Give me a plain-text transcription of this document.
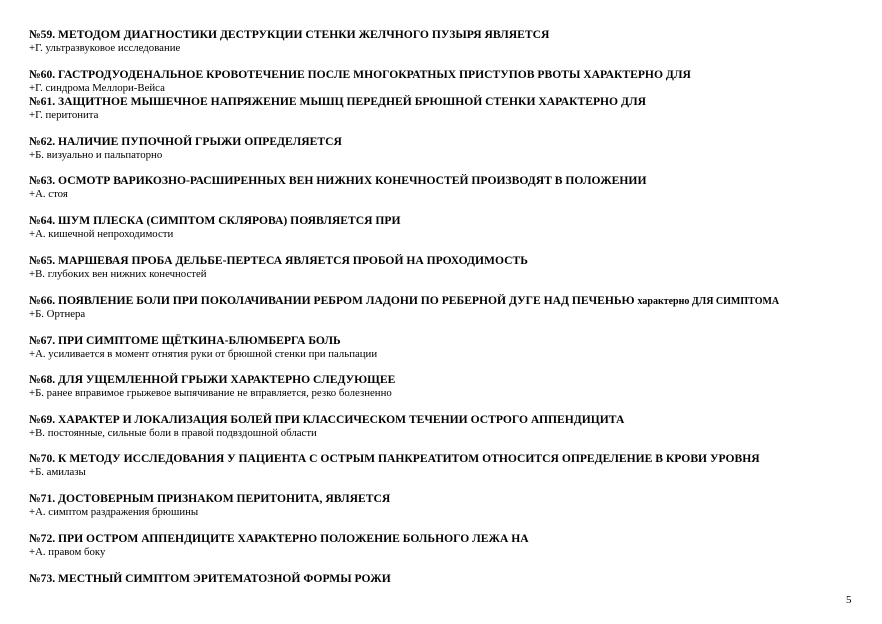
№59. МЕТОДОМ ДИАГНОСТИКИ ДЕСТРУКЦИИ СТЕНКИ ЖЕЛЧНОГО ПУЗЫРЯ ЯВЛЯЕТСЯ
+Г. ультразвуковое исследование
№60. ГАСТРОДУОДЕНАЛЬНОЕ КРОВОТЕЧЕНИЕ ПОСЛЕ МНОГОКРАТНЫХ ПРИСТУПОВ РВОТЫ ХАРАКТЕРНО ДЛЯ
+Г. синдрома Меллори-Вейса
№61. ЗАЩИТНОЕ МЫШЕЧНОЕ НАПРЯЖЕНИЕ МЫШЦ ПЕРЕДНЕЙ БРЮШНОЙ СТЕНКИ ХАРАКТЕРНО ДЛЯ
+Г. перитонита
№62. НАЛИЧИЕ ПУПОЧНОЙ ГРЫЖИ ОПРЕДЕЛЯЕТСЯ
+Б. визуально и пальпаторно
№63. ОСМОТР ВАРИКОЗНО-РАСШИРЕННЫХ ВЕН НИЖНИХ КОНЕЧНОСТЕЙ ПРОИЗВОДЯТ В ПОЛОЖЕНИИ
+А. стоя
№64. ШУМ ПЛЕСКА (СИМПТОМ СКЛЯРОВА) ПОЯВЛЯЕТСЯ ПРИ
+А. кишечной непроходимости
№65. МАРШЕВАЯ ПРОБА ДЕЛЬБЕ-ПЕРТЕСА ЯВЛЯЕТСЯ ПРОБОЙ НА ПРОХОДИМОСТЬ
+В. глубоких вен нижних конечностей
№66. ПОЯВЛЕНИЕ БОЛИ ПРИ ПОКОЛАЧИВАНИИ РЕБРОМ ЛАДОНИ ПО РЕБЕРНОЙ ДУГЕ НАД ПЕЧЕНЬЮ характерно ДЛЯ СИМПТОМА
+Б. Ортнера
№67. ПРИ СИМПТОМЕ ЩЁТКИНА-БЛЮМБЕРГА БОЛЬ
+А. усиливается в момент отнятия руки от брюшной стенки при пальпации
№68. ДЛЯ УЩЕМЛЕННОЙ ГРЫЖИ ХАРАКТЕРНО СЛЕДУЮЩЕЕ
+Б. ранее вправимое грыжевое выпячивание не вправляется, резко болезненно
№69. ХАРАКТЕР И ЛОКАЛИЗАЦИЯ БОЛЕЙ ПРИ КЛАССИЧЕСКОМ ТЕЧЕНИИ ОСТРОГО АППЕНДИЦИТА
+В. постоянные, сильные боли в правой подвздошной области
№70. К МЕТОДУ ИССЛЕДОВАНИЯ У ПАЦИЕНТА С ОСТРЫМ ПАНКРЕАТИТОМ ОТНОСИТСЯ ОПРЕДЕЛЕНИЕ В КРОВИ УРОВНЯ
+Б. амилазы
№71. ДОСТОВЕРНЫМ ПРИЗНАКОМ ПЕРИТОНИТА, ЯВЛЯЕТСЯ
+А. симптом раздражения брюшины
№72. ПРИ ОСТРОМ АППЕНДИЦИТЕ ХАРАКТЕРНО ПОЛОЖЕНИЕ БОЛЬНОГО ЛЕЖА НА
+А. правом боку
№73. МЕСТНЫЙ СИМПТОМ ЭРИТЕМАТОЗНОЙ ФОРМЫ РОЖИ
5
